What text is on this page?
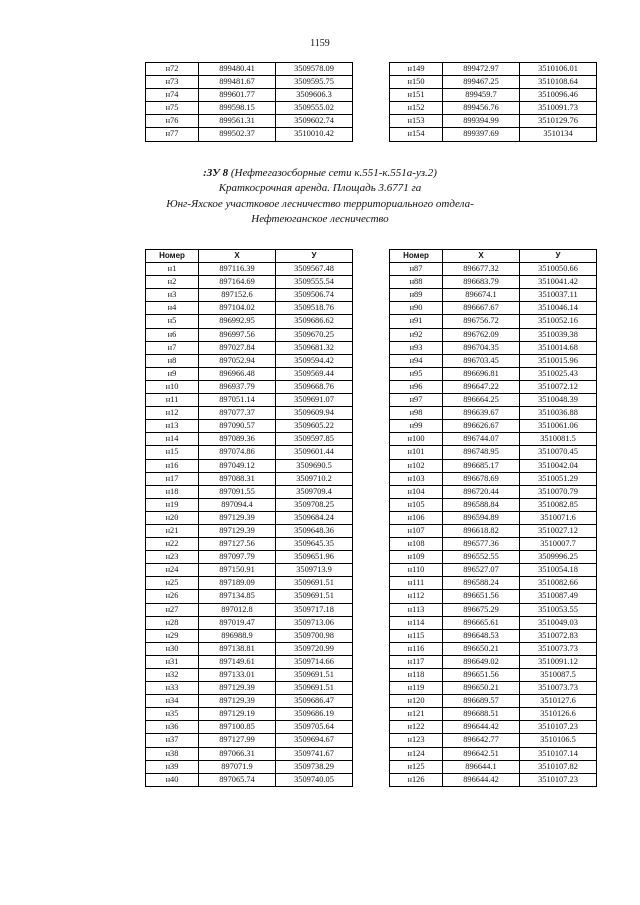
1159
н72	899480.41	3509578.09
н73	899481.67	3509595.75
н74	899601.77	3509606.3
н75	899598.15	3509555.02
н76	899561.31	3509602.74
н77	899502.37	3510010.42
н149	899472.97	3510106.01
н150	899467.25	3510108.64
н151	899459.7	3510096.46
н152	899456.76	3510091.73
н153	899394.99	3510129.76
н154	899397.69	3510134
:ЗУ 8 (Нефтегазосборные сети к.551-к.551а-уз.2)
Краткосрочная аренда. Площадь 3.6771 га
Юнг-Яхское участковое лесничество территориального отдела-
Нефтеюганское лесничество
Номер	X	У
н1	897116.39	3509567.48
н2	897164.69	3509555.54
н3	897152.6	3509506.74
н4	897104.02	3509518.76
н5	896992.95	3509686.62
н6	896997.56	3509670.25
н7	897027.84	3509681.32
н8	897052.94	3509594.42
н9	896966.48	3509569.44
н10	896937.79	3509668.76
н11	897051.14	3509691.07
н12	897077.37	3509609.94
н13	897090.57	3509605.22
н14	897089.36	3509597.85
н15	897074.86	3509601.44
н16	897049.12	3509690.5
н17	897088.31	3509710.2
н18	897091.55	3509709.4
н19	897094.4	3509708.25
н20	897129.39	3509684.24
н21	897129.39	3509648.36
н22	897127.56	3509645.35
н23	897097.79	3509651.96
н24	897150.91	3509713.9
н25	897189.09	3509691.51
н26	897134.85	3509691.51
н27	897012.8	3509717.18
н28	897019.47	3509713.06
н29	896988.9	3509700.98
н30	897138.81	3509720.99
н31	897149.61	3509714.66
н32	897133.01	3509691.51
н33	897129.39	3509691.51
н34	897129.39	3509686.47
н35	897129.19	3509686.19
н36	897100.85	3509705.64
н37	897127.99	3509694.67
н38	897066.31	3509741.67
н39	897071.9	3509738.29
н40	897065.74	3509740.05
Номер	X	У
н87	896677.32	3510050.66
н88	896683.79	3510041.42
н89	896674.1	3510037.11
н90	896667.67	3510046.14
н91	896756.72	3510052.16
н92	896762.09	3510039.38
н93	896704.35	3510014.68
н94	896703.45	3510015.96
н95	896696.81	3510025.43
н96	896647.22	3510072.12
н97	896664.25	3510048.39
н98	896639.67	3510036.88
н99	896626.67	3510061.06
н100	896744.07	3510081.5
н101	896748.95	3510070.45
н102	896685.17	3510042.04
н103	896678.69	3510051.29
н104	896720.44	3510070.79
н105	896588.84	3510082.85
н106	896594.89	3510071.6
н107	896618.82	3510027.12
н108	896577.36	3510007.7
н109	896552.55	3509996.25
н110	896527.07	3510054.18
н111	896588.24	3510082.66
н112	896651.56	3510087.49
н113	896675.29	3510053.55
н114	896665.61	3510049.03
н115	896648.53	3510072.83
н116	896650.21	3510073.73
н117	896649.02	3510091.12
н118	896651.56	3510087.5
н119	896650.21	3510073.73
н120	896689.57	3510127.6
н121	896688.51	3510126.6
н122	896644.42	3510107.23
н123	896642.77	3510106.5
н124	896642.51	3510107.14
н125	896644.1	3510107.82
н126	896644.42	3510107.23
